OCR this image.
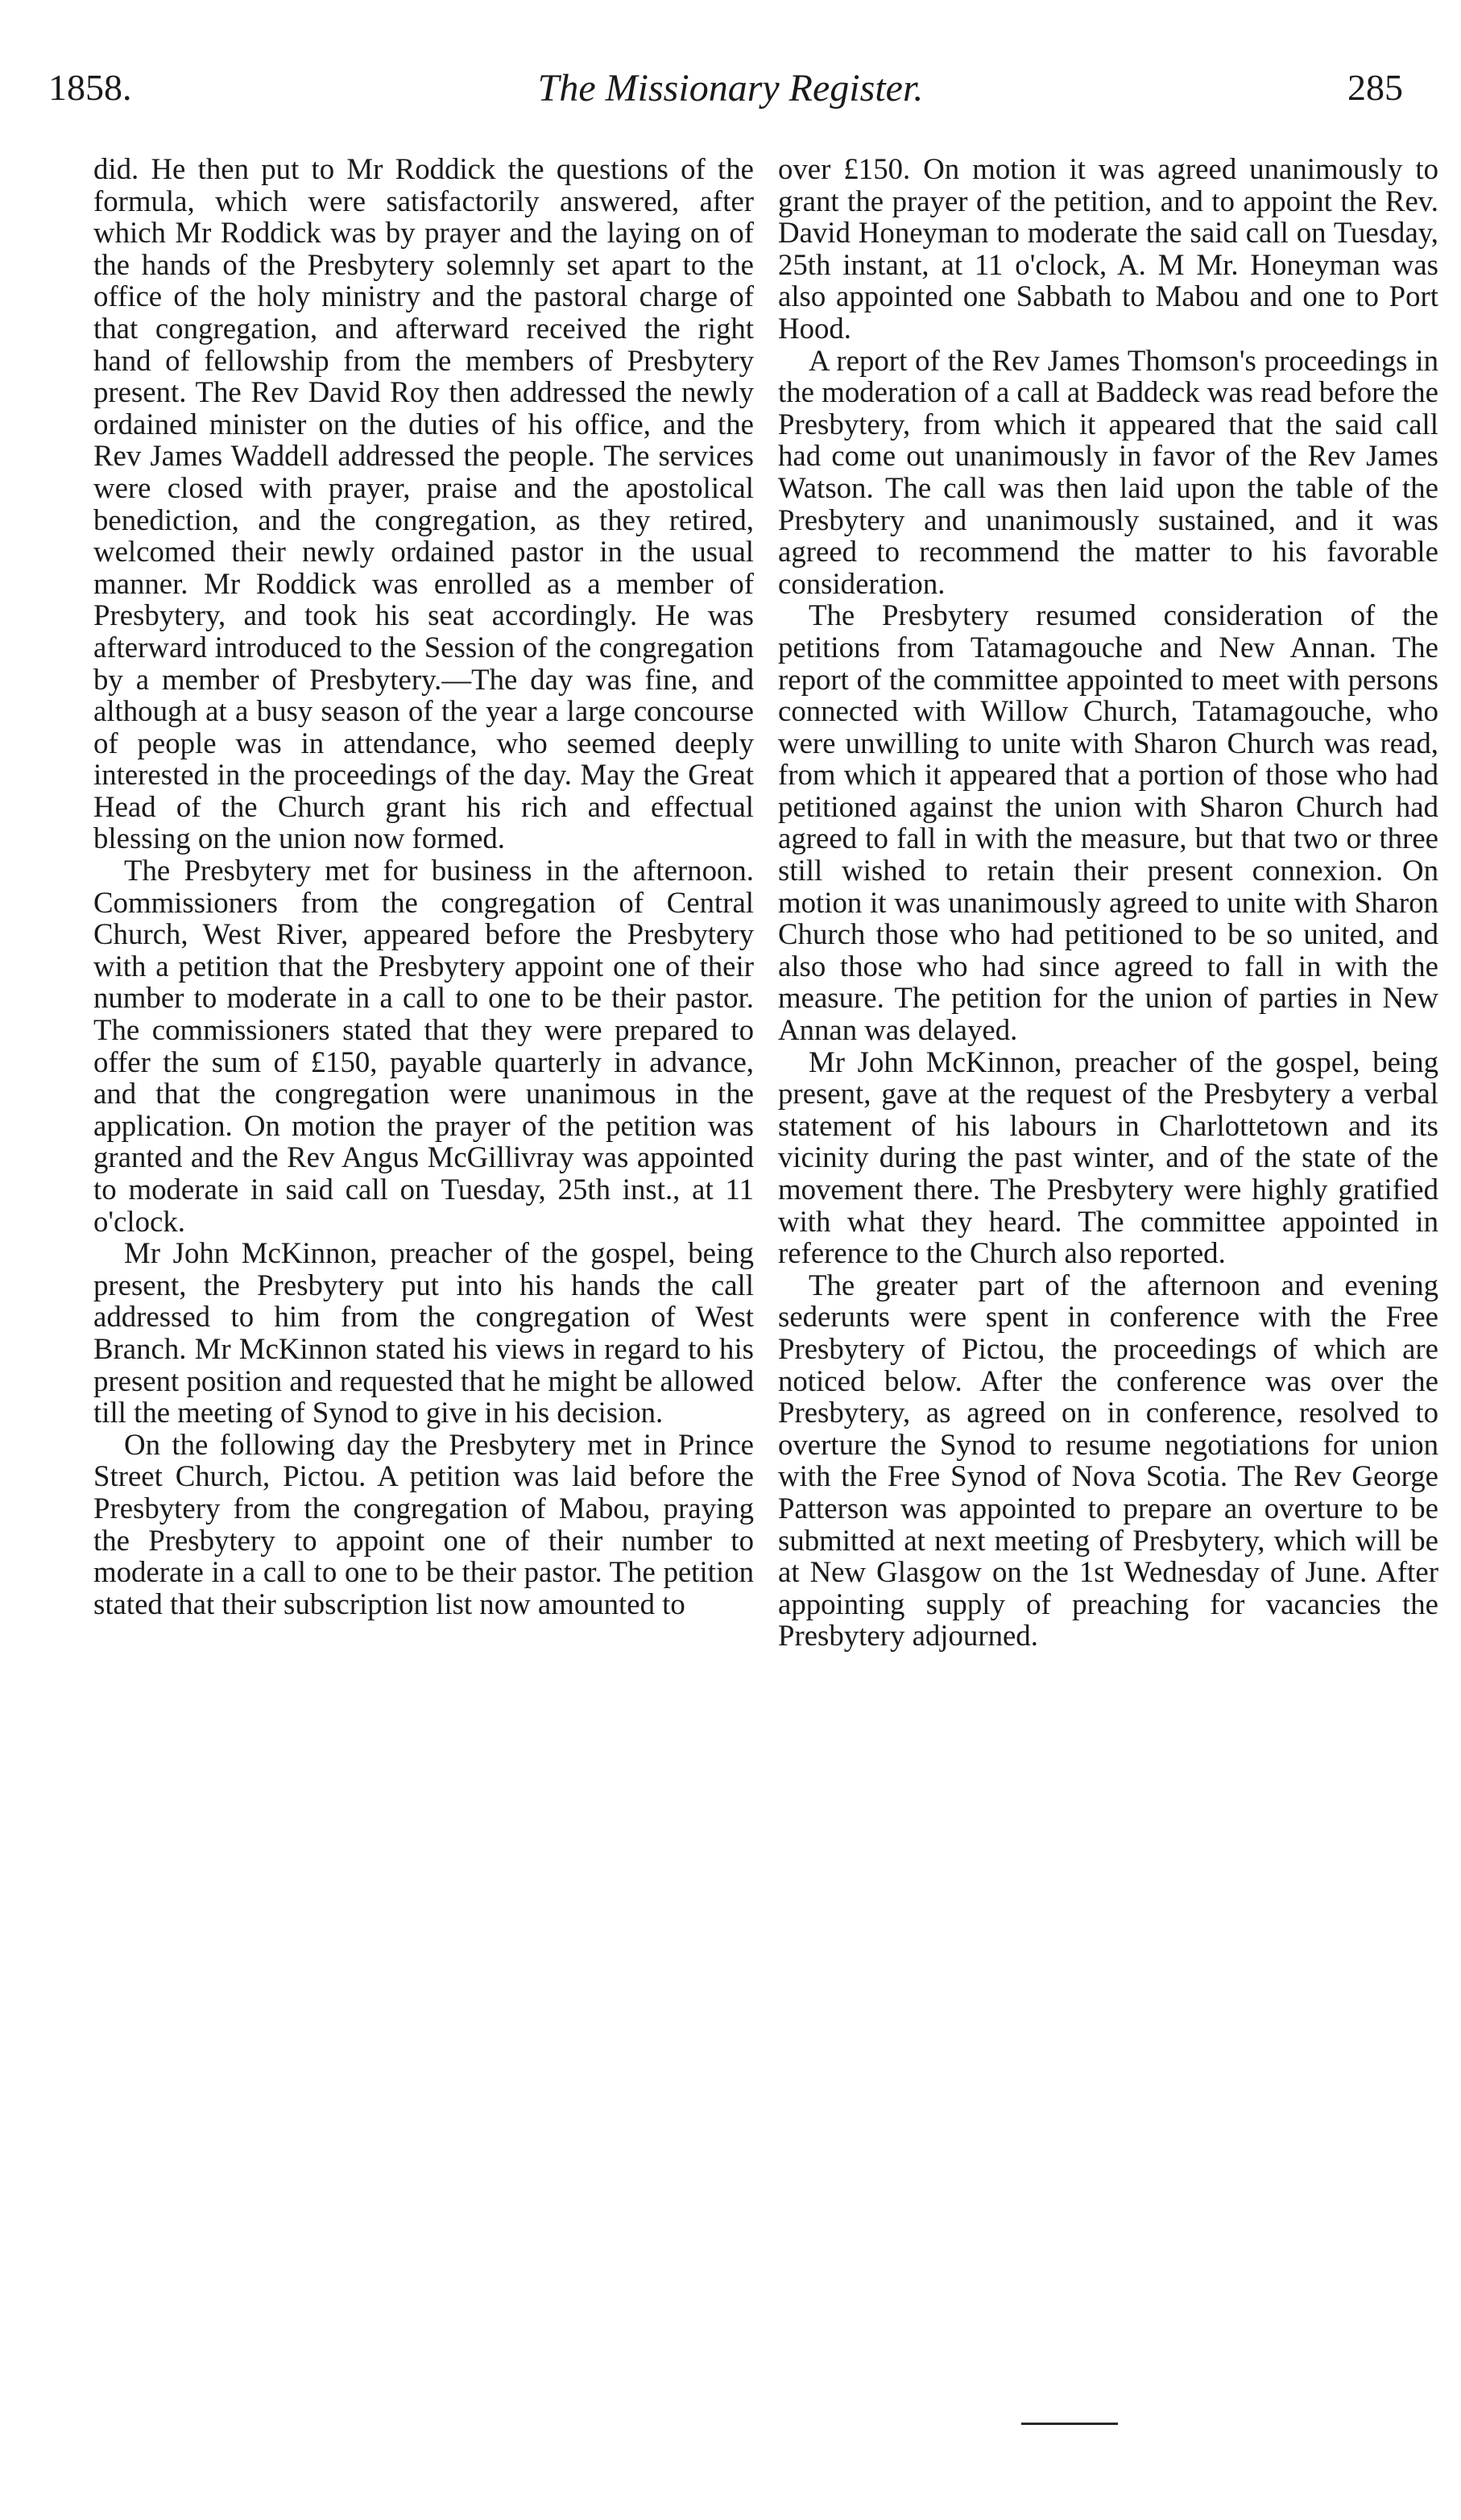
1858.	The Missionary Register.	285

did. He then put to Mr Roddick the questions of the formula, which were satisfactorily answered, after which Mr Roddick was by prayer and the laying on of the hands of the Presbytery solemnly set apart to the office of the holy ministry and the pastoral charge of that congregation, and afterward received the right hand of fellowship from the members of Presbytery present. The Rev David Roy then addressed the newly ordained minister on the duties of his office, and the Rev James Waddell addressed the people. The services were closed with prayer, praise and the apostolical benediction, and the congregation, as they retired, welcomed their newly ordained pastor in the usual manner. Mr Roddick was enrolled as a member of Presbytery, and took his seat accordingly. He was afterward introduced to the Session of the congregation by a member of Presbytery.—The day was fine, and although at a busy season of the year a large concourse of people was in attendance, who seemed deeply interested in the proceedings of the day. May the Great Head of the Church grant his rich and effectual blessing on the union now formed.

The Presbytery met for business in the afternoon. Commissioners from the congregation of Central Church, West River, appeared before the Presbytery with a petition that the Presbytery appoint one of their number to moderate in a call to one to be their pastor. The commissioners stated that they were prepared to offer the sum of £150, payable quarterly in advance, and that the congregation were unanimous in the application. On motion the prayer of the petition was granted and the Rev Angus McGillivray was appointed to moderate in said call on Tuesday, 25th inst., at 11 o'clock.

Mr John McKinnon, preacher of the gospel, being present, the Presbytery put into his hands the call addressed to him from the congregation of West Branch. Mr McKinnon stated his views in regard to his present position and requested that he might be allowed till the meeting of Synod to give in his decision.

On the following day the Presbytery met in Prince Street Church, Pictou. A petition was laid before the Presbytery from the congregation of Mabou, praying the Presbytery to appoint one of their number to moderate in a call to one to be their pastor. The petition stated that their subscription list now amounted to

over £150. On motion it was agreed unanimously to grant the prayer of the petition, and to appoint the Rev. David Honeyman to moderate the said call on Tuesday, 25th instant, at 11 o'clock, A. M Mr. Honeyman was also appointed one Sabbath to Mabou and one to Port Hood.

A report of the Rev James Thomson's proceedings in the moderation of a call at Baddeck was read before the Presbytery, from which it appeared that the said call had come out unanimously in favor of the Rev James Watson. The call was then laid upon the table of the Presbytery and unanimously sustained, and it was agreed to recommend the matter to his favorable consideration.

The Presbytery resumed consideration of the petitions from Tatamagouche and New Annan. The report of the committee appointed to meet with persons connected with Willow Church, Tatamagouche, who were unwilling to unite with Sharon Church was read, from which it appeared that a portion of those who had petitioned against the union with Sharon Church had agreed to fall in with the measure, but that two or three still wished to retain their present connexion. On motion it was unanimously agreed to unite with Sharon Church those who had petitioned to be so united, and also those who had since agreed to fall in with the measure. The petition for the union of parties in New Annan was delayed.

Mr John McKinnon, preacher of the gospel, being present, gave at the request of the Presbytery a verbal statement of his labours in Charlottetown and its vicinity during the past winter, and of the state of the movement there. The Presbytery were highly gratified with what they heard. The committee appointed in reference to the Church also reported.

The greater part of the afternoon and evening sederunts were spent in conference with the Free Presbytery of Pictou, the proceedings of which are noticed below. After the conference was over the Presbytery, as agreed on in conference, resolved to overture the Synod to resume negotiations for union with the Free Synod of Nova Scotia. The Rev George Patterson was appointed to prepare an overture to be submitted at next meeting of Presbytery, which will be at New Glasgow on the 1st Wednesday of June. After appointing supply of preaching for vacancies the Presbytery adjourned.
